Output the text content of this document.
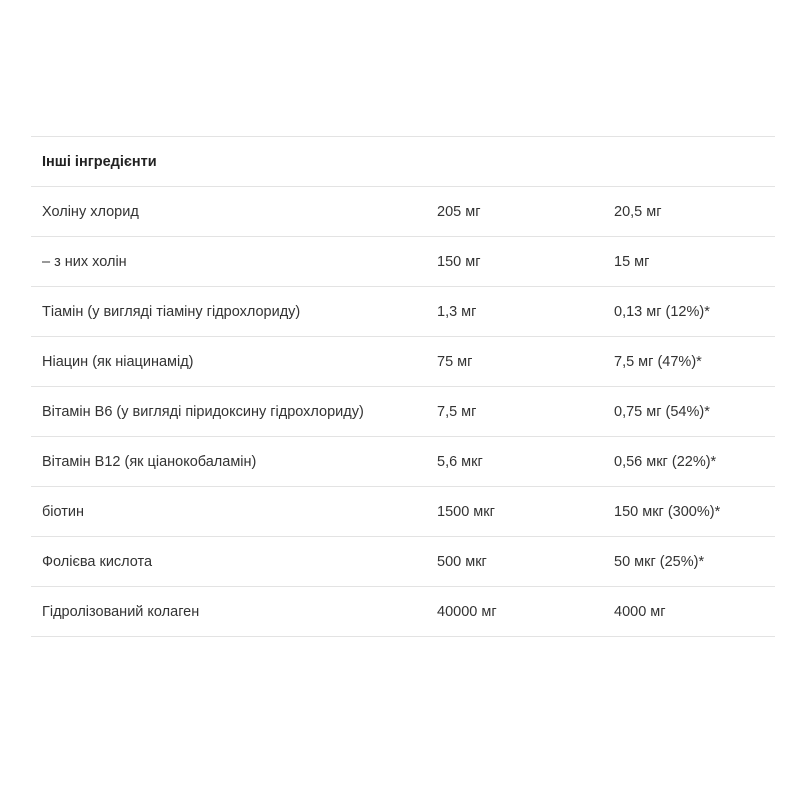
Інші інгредієнти
Холіну хлорид	205 мг	20,5 мг
– з них холін	150 мг	15 мг
Тіамін (у вигляді тіаміну гідрохлориду)	1,3 мг	0,13 мг (12%)*
Ніацин (як ніацинамід)	75 мг	7,5 мг (47%)*
Вітамін B6 (у вигляді піридоксину гідрохлориду)	7,5 мг	0,75 мг (54%)*
Вітамін B12 (як ціанокобаламін)	5,6 мкг	0,56 мкг (22%)*
біотин	1500 мкг	150 мкг (300%)*
Фолієва кислота	500 мкг	50 мкг (25%)*
Гідролізований колаген	40000 мг	4000 мг
